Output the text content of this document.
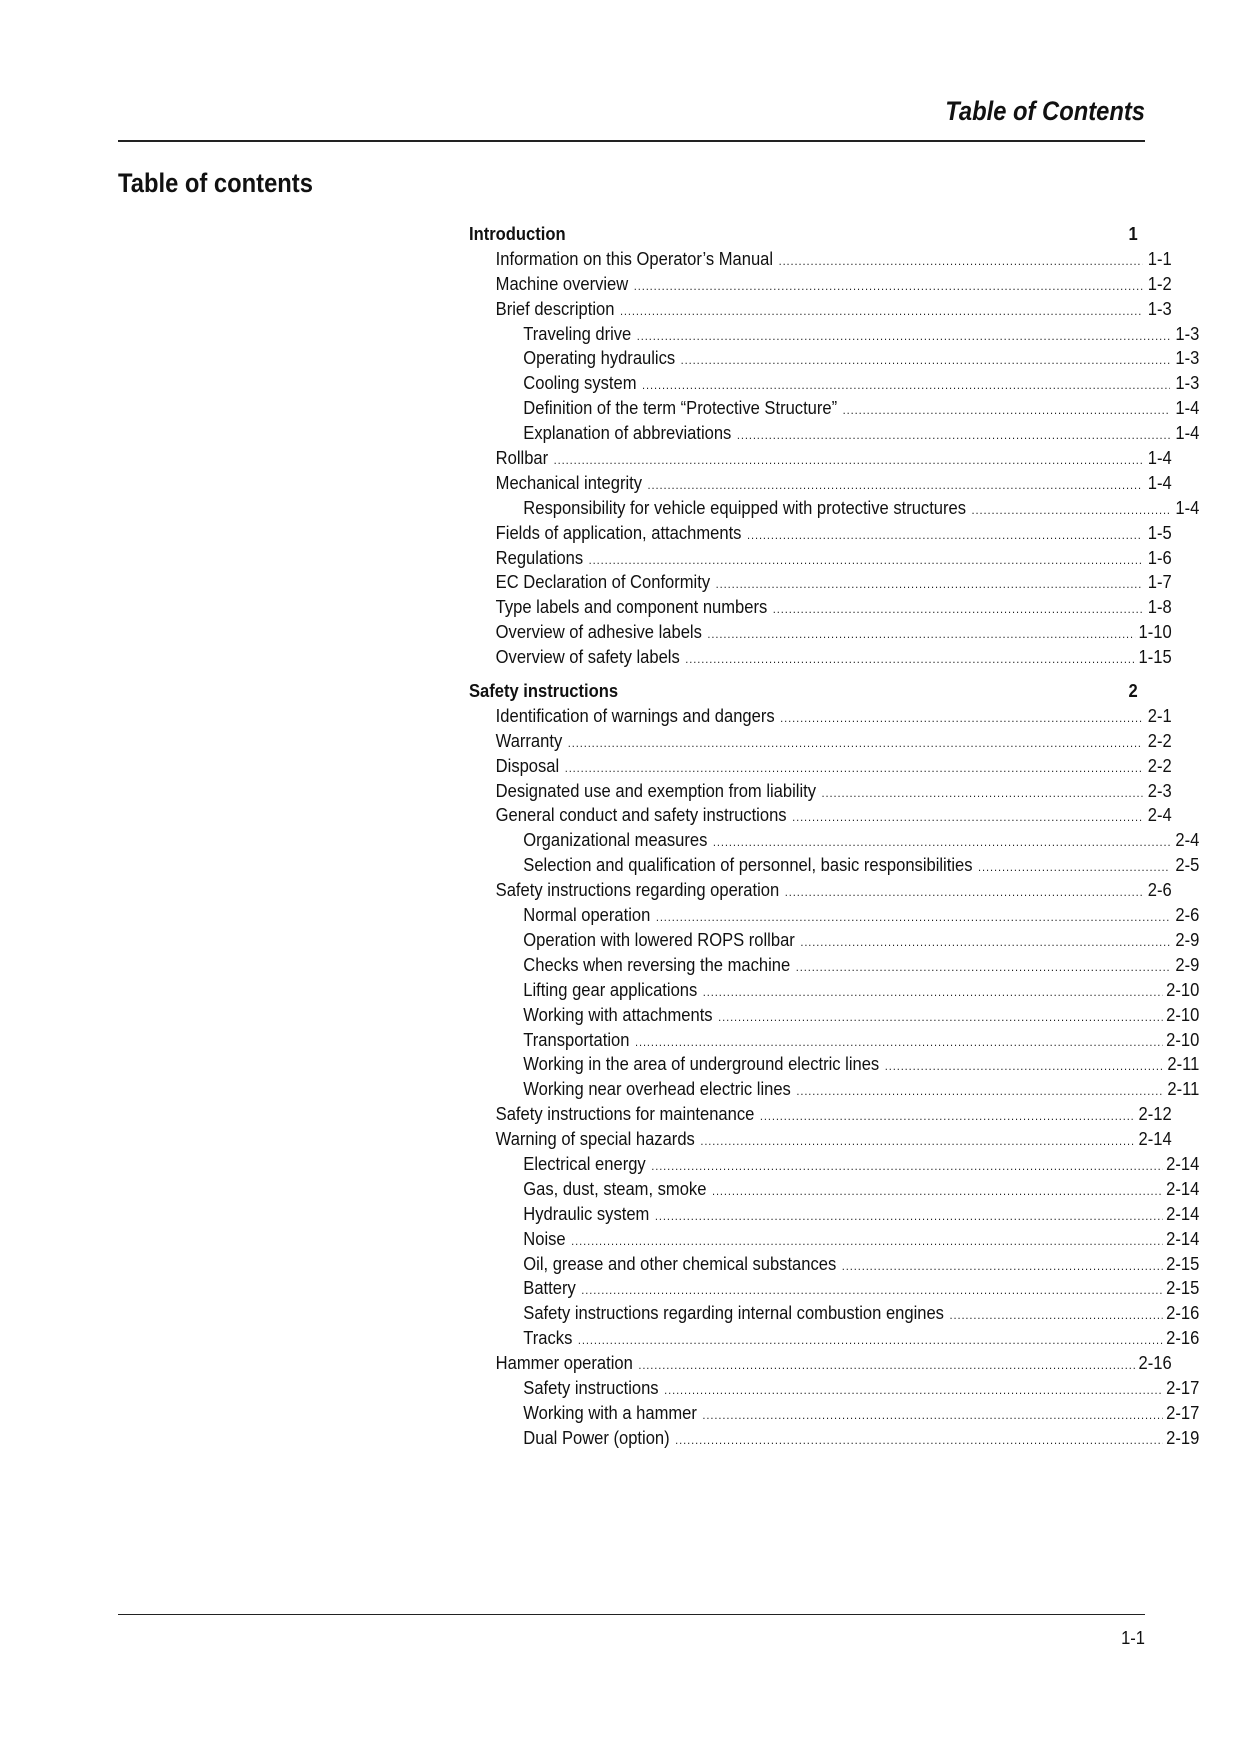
Table of Contents
Table of contents
Introduction	1
Information on this Operator’s Manual .....	1-1
Machine overview .....	1-2
Brief description .....	1-3
Traveling drive .....	1-3
Operating hydraulics .....	1-3
Cooling system .....	1-3
Definition of the term “Protective Structure” .....	1-4
Explanation of abbreviations .....	1-4
Rollbar .....	1-4
Mechanical integrity .....	1-4
Responsibility for vehicle equipped with protective structures .....	1-4
Fields of application, attachments .....	1-5
Regulations .....	1-6
EC Declaration of Conformity .....	1-7
Type labels and component numbers .....	1-8
Overview of adhesive labels .....	1-10
Overview of safety labels .....	1-15
Safety instructions	2
Identification of warnings and dangers .....	2-1
Warranty .....	2-2
Disposal .....	2-2
Designated use and exemption from liability .....	2-3
General conduct and safety instructions .....	2-4
Organizational measures .....	2-4
Selection and qualification of personnel, basic responsibilities .....	2-5
Safety instructions regarding operation .....	2-6
Normal operation .....	2-6
Operation with lowered ROPS rollbar .....	2-9
Checks when reversing the machine .....	2-9
Lifting gear applications .....	2-10
Working with attachments .....	2-10
Transportation .....	2-10
Working in the area of underground electric lines .....	2-11
Working near overhead electric lines .....	2-11
Safety instructions for maintenance .....	2-12
Warning of special hazards .....	2-14
Electrical energy .....	2-14
Gas, dust, steam, smoke .....	2-14
Hydraulic system .....	2-14
Noise .....	2-14
Oil, grease and other chemical substances .....	2-15
Battery .....	2-15
Safety instructions regarding internal combustion engines .....	2-16
Tracks .....	2-16
Hammer operation .....	2-16
Safety instructions .....	2-17
Working with a hammer .....	2-17
Dual Power (option) .....	2-19
1-1
